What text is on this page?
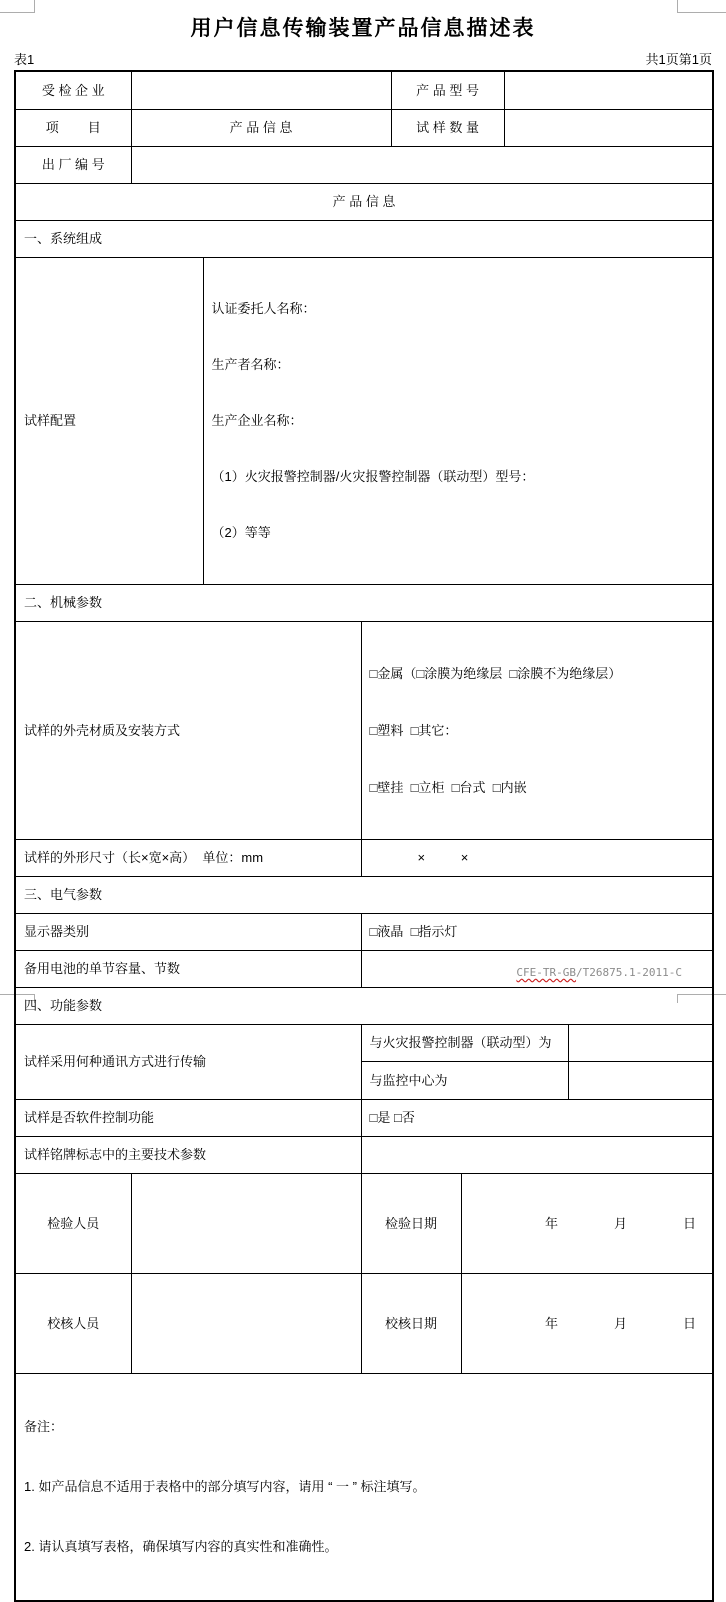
用户信息传输装置产品信息描述表
表1	共1页第1页
受 检 企 业				产 品 型 号			
项        目	产 品 信 息			试 样 数 量			
出 厂 编 号							
产 品 信 息							
一、系统组成							
试样配置		认证委托人名称：

生产者名称：

生产企业名称：

（1）火灾报警控制器/火灾报警控制器（联动型）型号：

（2）等等					

二、机械参数							
试样的外壳材质及安装方式			□金属（□涂膜为绝缘层  □涂膜不为绝缘层）

□塑料  □其它：

□壁挂  □立柜  □台式  □内嵌				

试样的外形尺寸（长×宽×高）  单位：mm			×      ×				
三、电气参数							
显示器类别			□液晶  □指示灯				
备用电池的单节容量、节数							
四、功能参数							
试样采用何种通讯方式进行传输			与火灾报警控制器（联动型）为				
			与监控中心为				
试样是否软件控制功能			□是 □否				
试样铭牌标志中的主要技术参数							
检验人员			检验日期		年 月 日		

校核人员			校核日期		年 月 日		

备注：

1. 如产品信息不适用于表格中的部分填写内容，请用 “ 一 ” 标注填写。

2. 请认真填写表格，确保填写内容的真实性和准确性。							

CFE-TR-GB/T26875.1-2011-C
